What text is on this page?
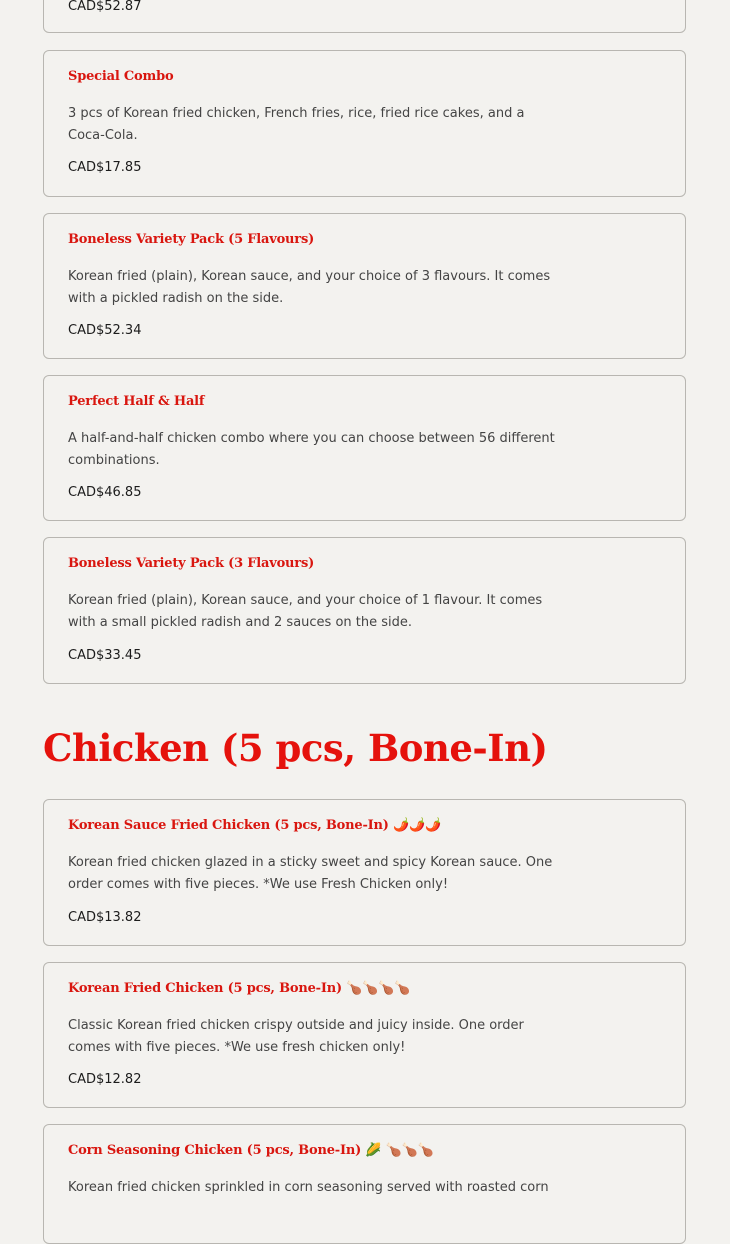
CAD$52.87
Special Combo
3 pcs of Korean fried chicken, French fries, rice, fried rice cakes, and a Coca-Cola.
CAD$17.85
Boneless Variety Pack (5 Flavours)
Korean fried (plain), Korean sauce, and your choice of 3 flavours. It comes with a pickled radish on the side.
CAD$52.34
Perfect Half & Half
A half-and-half chicken combo where you can choose between 56 different combinations.
CAD$46.85
Boneless Variety Pack (3 Flavours)
Korean fried (plain), Korean sauce, and your choice of 1 flavour. It comes with a small pickled radish and 2 sauces on the side.
CAD$33.45
Chicken (5 pcs, Bone-In)
Korean Sauce Fried Chicken (5 pcs, Bone-In) 🌶️🌶️🌶️
Korean fried chicken glazed in a sticky sweet and spicy Korean sauce. One order comes with five pieces. *We use Fresh Chicken only!
CAD$13.82
Korean Fried Chicken (5 pcs, Bone-In) 🍗🍗🍗🍗
Classic Korean fried chicken crispy outside and juicy inside. One order comes with five pieces. *We use fresh chicken only!
CAD$12.82
Corn Seasoning Chicken (5 pcs, Bone-In) 🌽 🍗🍗🍗
Korean fried chicken sprinkled in corn seasoning served with roasted corn
